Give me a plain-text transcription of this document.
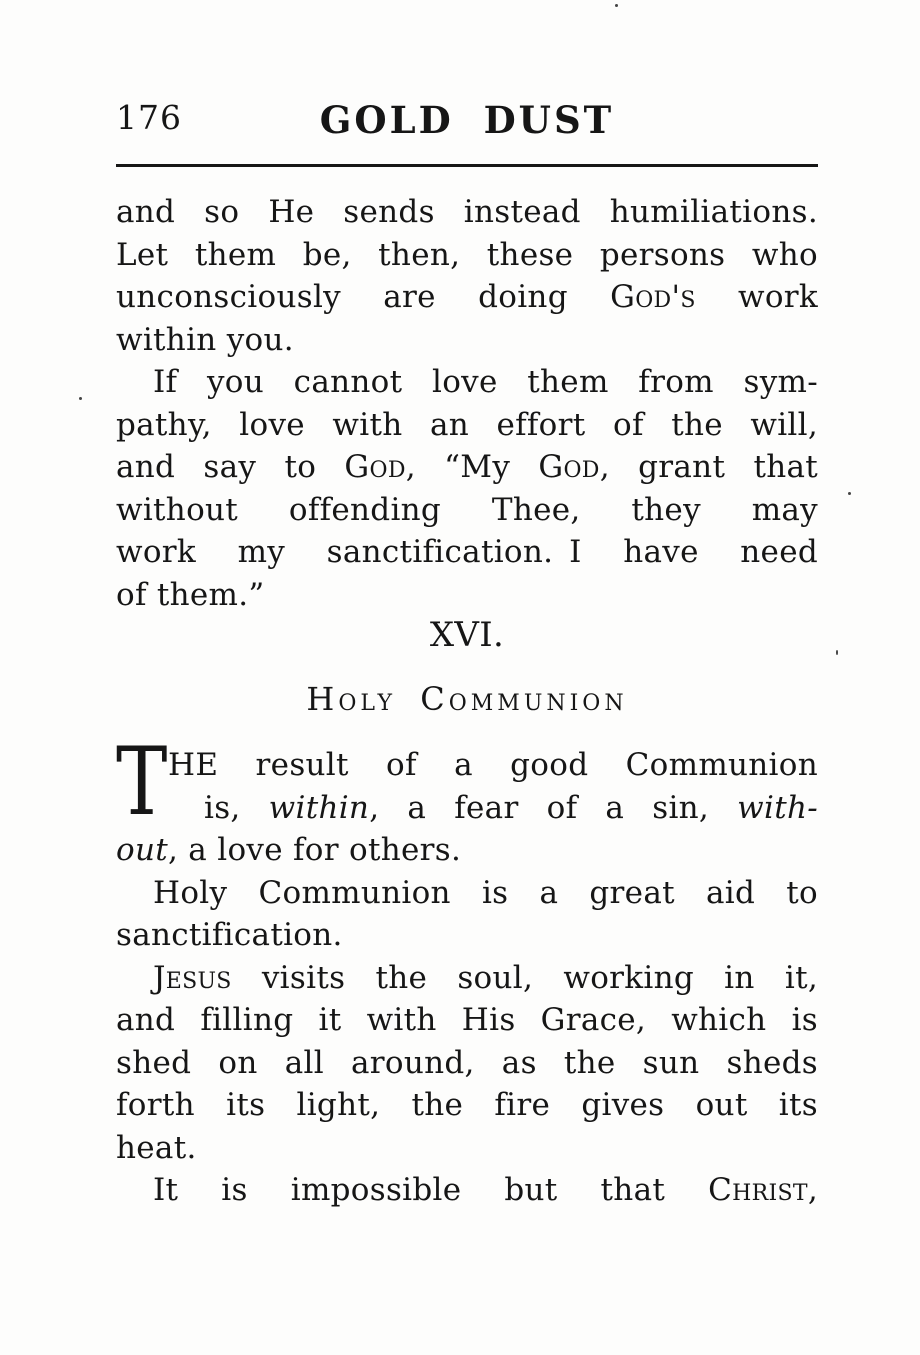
176	GOLD DUST
and so He sends instead humiliations.
Let them be, then, these persons who
unconsciously are doing God's work
within you.
If you cannot love them from sym-
pathy, love with an effort of the will,
and say to God, “My God, grant that
without offending Thee, they may
work my sanctification. I have need
of them.”
XVI.
Holy Communion
T HE result of a good Communion
is, within, a fear of a sin, with-
out, a love for others.
Holy Communion is a great aid to
sanctification.
Jesus visits the soul, working in it,
and filling it with His Grace, which is
shed on all around, as the sun sheds
forth its light, the fire gives out its
heat.
It is impossible but that Christ,
